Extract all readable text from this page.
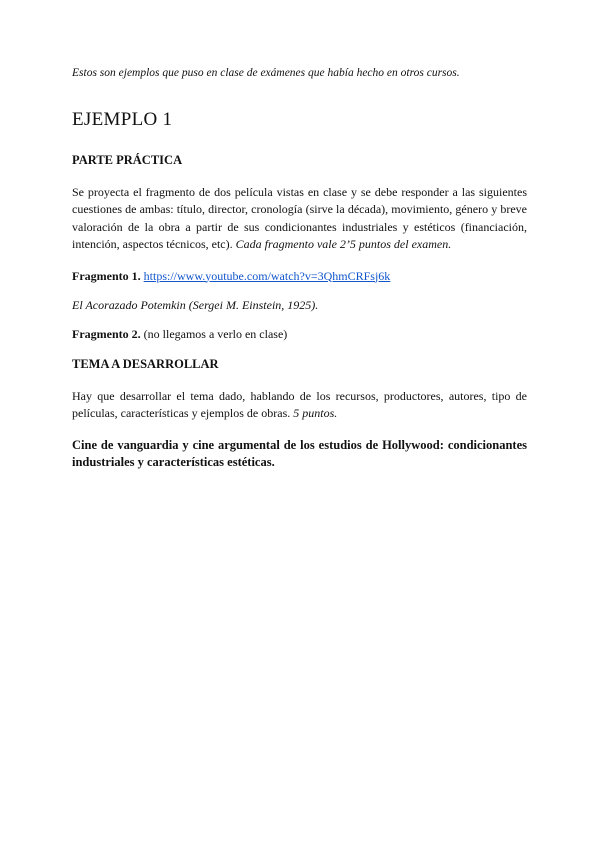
Estos son ejemplos que puso en clase de exámenes que había hecho en otros cursos.

EJEMPLO 1
PARTE PRÁCTICA

Se proyecta el fragmento de dos película vistas en clase y se debe responder a las siguientes cuestiones de ambas: título, director, cronología (sirve la década), movimiento, género y breve valoración de la obra a partir de sus condicionantes industriales y estéticos (financiación, intención, aspectos técnicos, etc). Cada fragmento vale 2’5 puntos del examen.

Fragmento 1. https://www.youtube.com/watch?v=3QhmCRFsj6k

El Acorazado Potemkin (Sergei M. Einstein, 1925).

Fragmento 2. (no llegamos a verlo en clase)

TEMA A DESARROLLAR

Hay que desarrollar el tema dado, hablando de los recursos, productores, autores, tipo de películas, características y ejemplos de obras. 5 puntos.

Cine de vanguardia y cine argumental de los estudios de Hollywood: condicionantes industriales y características estéticas.
